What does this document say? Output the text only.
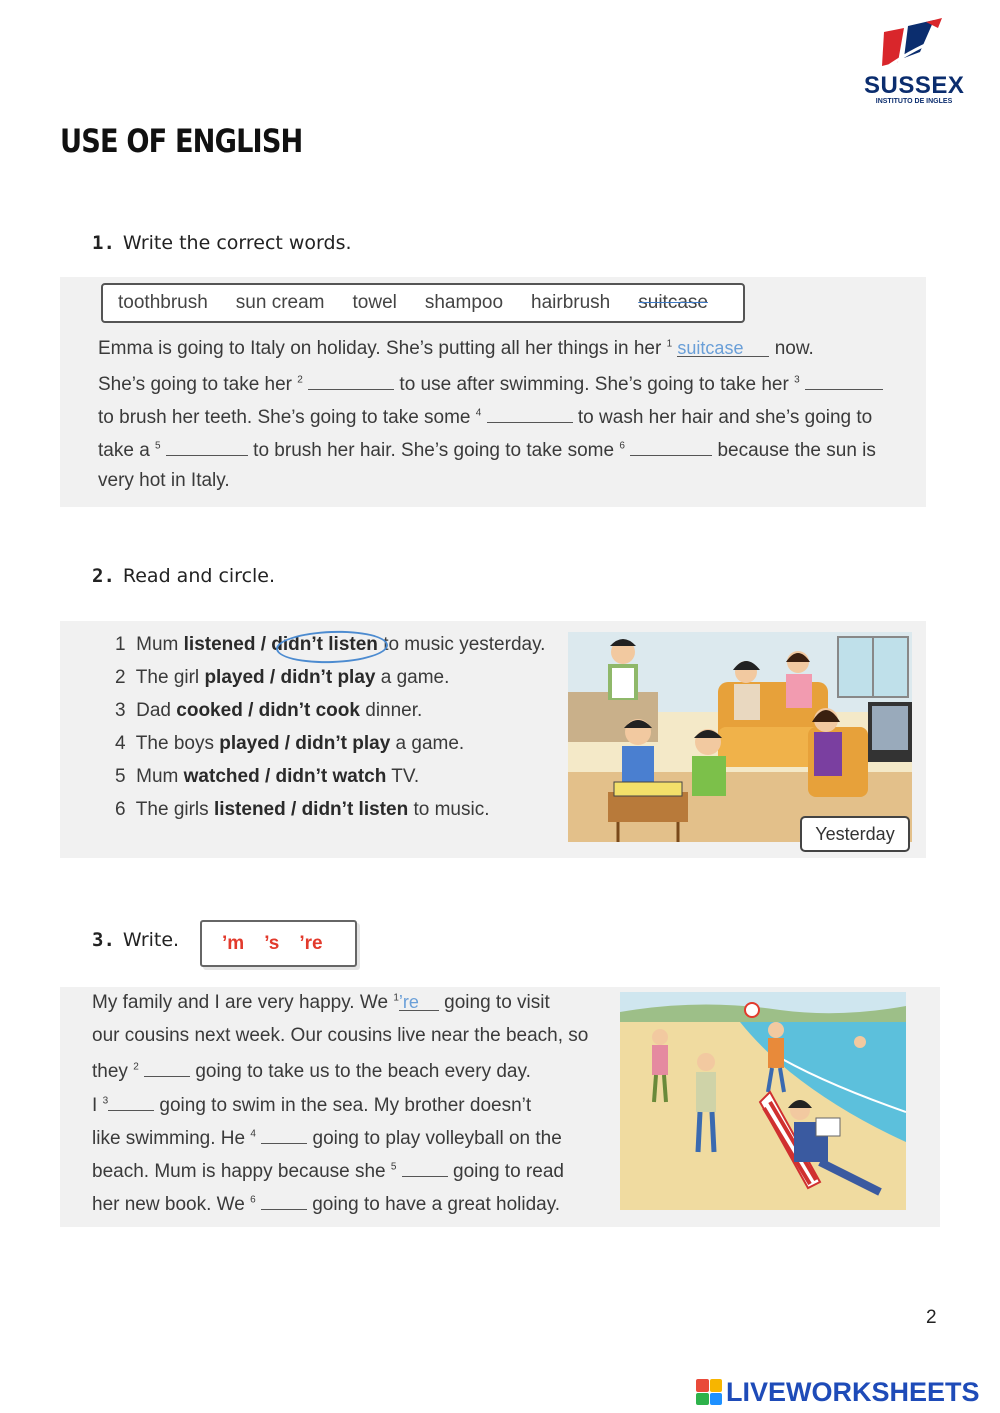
SUSSEX
INSTITUTO DE INGLES
USE OF ENGLISH
1. Write the correct words.
toothbrush sun cream towel shampoo hairbrush suitcase
Emma is going to Italy on holiday. She’s putting all her things in her $^1$ suitcase now.
She’s going to take her $^2$	to use after swimming. She’s going to take her $^3$
to brush her teeth. She’s going to take some $^4$	to wash her hair and she’s going to
take a $^5$	to brush her hair. She’s going to take some $^6$	because the sun is
very hot in Italy.
2. Read and circle.
1 Mum listened / didn’t listen to music yesterday.
2 The girl played / didn’t play a game.
3 Dad cooked / didn’t cook dinner.
4 The boys played / didn’t play a game.
5 Mum watched / didn’t watch TV.
6 The girls listened / didn’t listen to music.
Yesterday
3. Write. ’m ’s ’re
My family and I are very happy. We $^1$’re going to visit
our cousins next week. Our cousins live near the beach, so
they $^2$	going to take us to the beach every day.
I $^3$	going to swim in the sea. My brother doesn’t
like swimming. He $^4$	going to play volleyball on the
beach. Mum is happy because she $^5$	going to read
her new book. We $^6$	going to have a great holiday.
2
LIVEWORKSHEETS
